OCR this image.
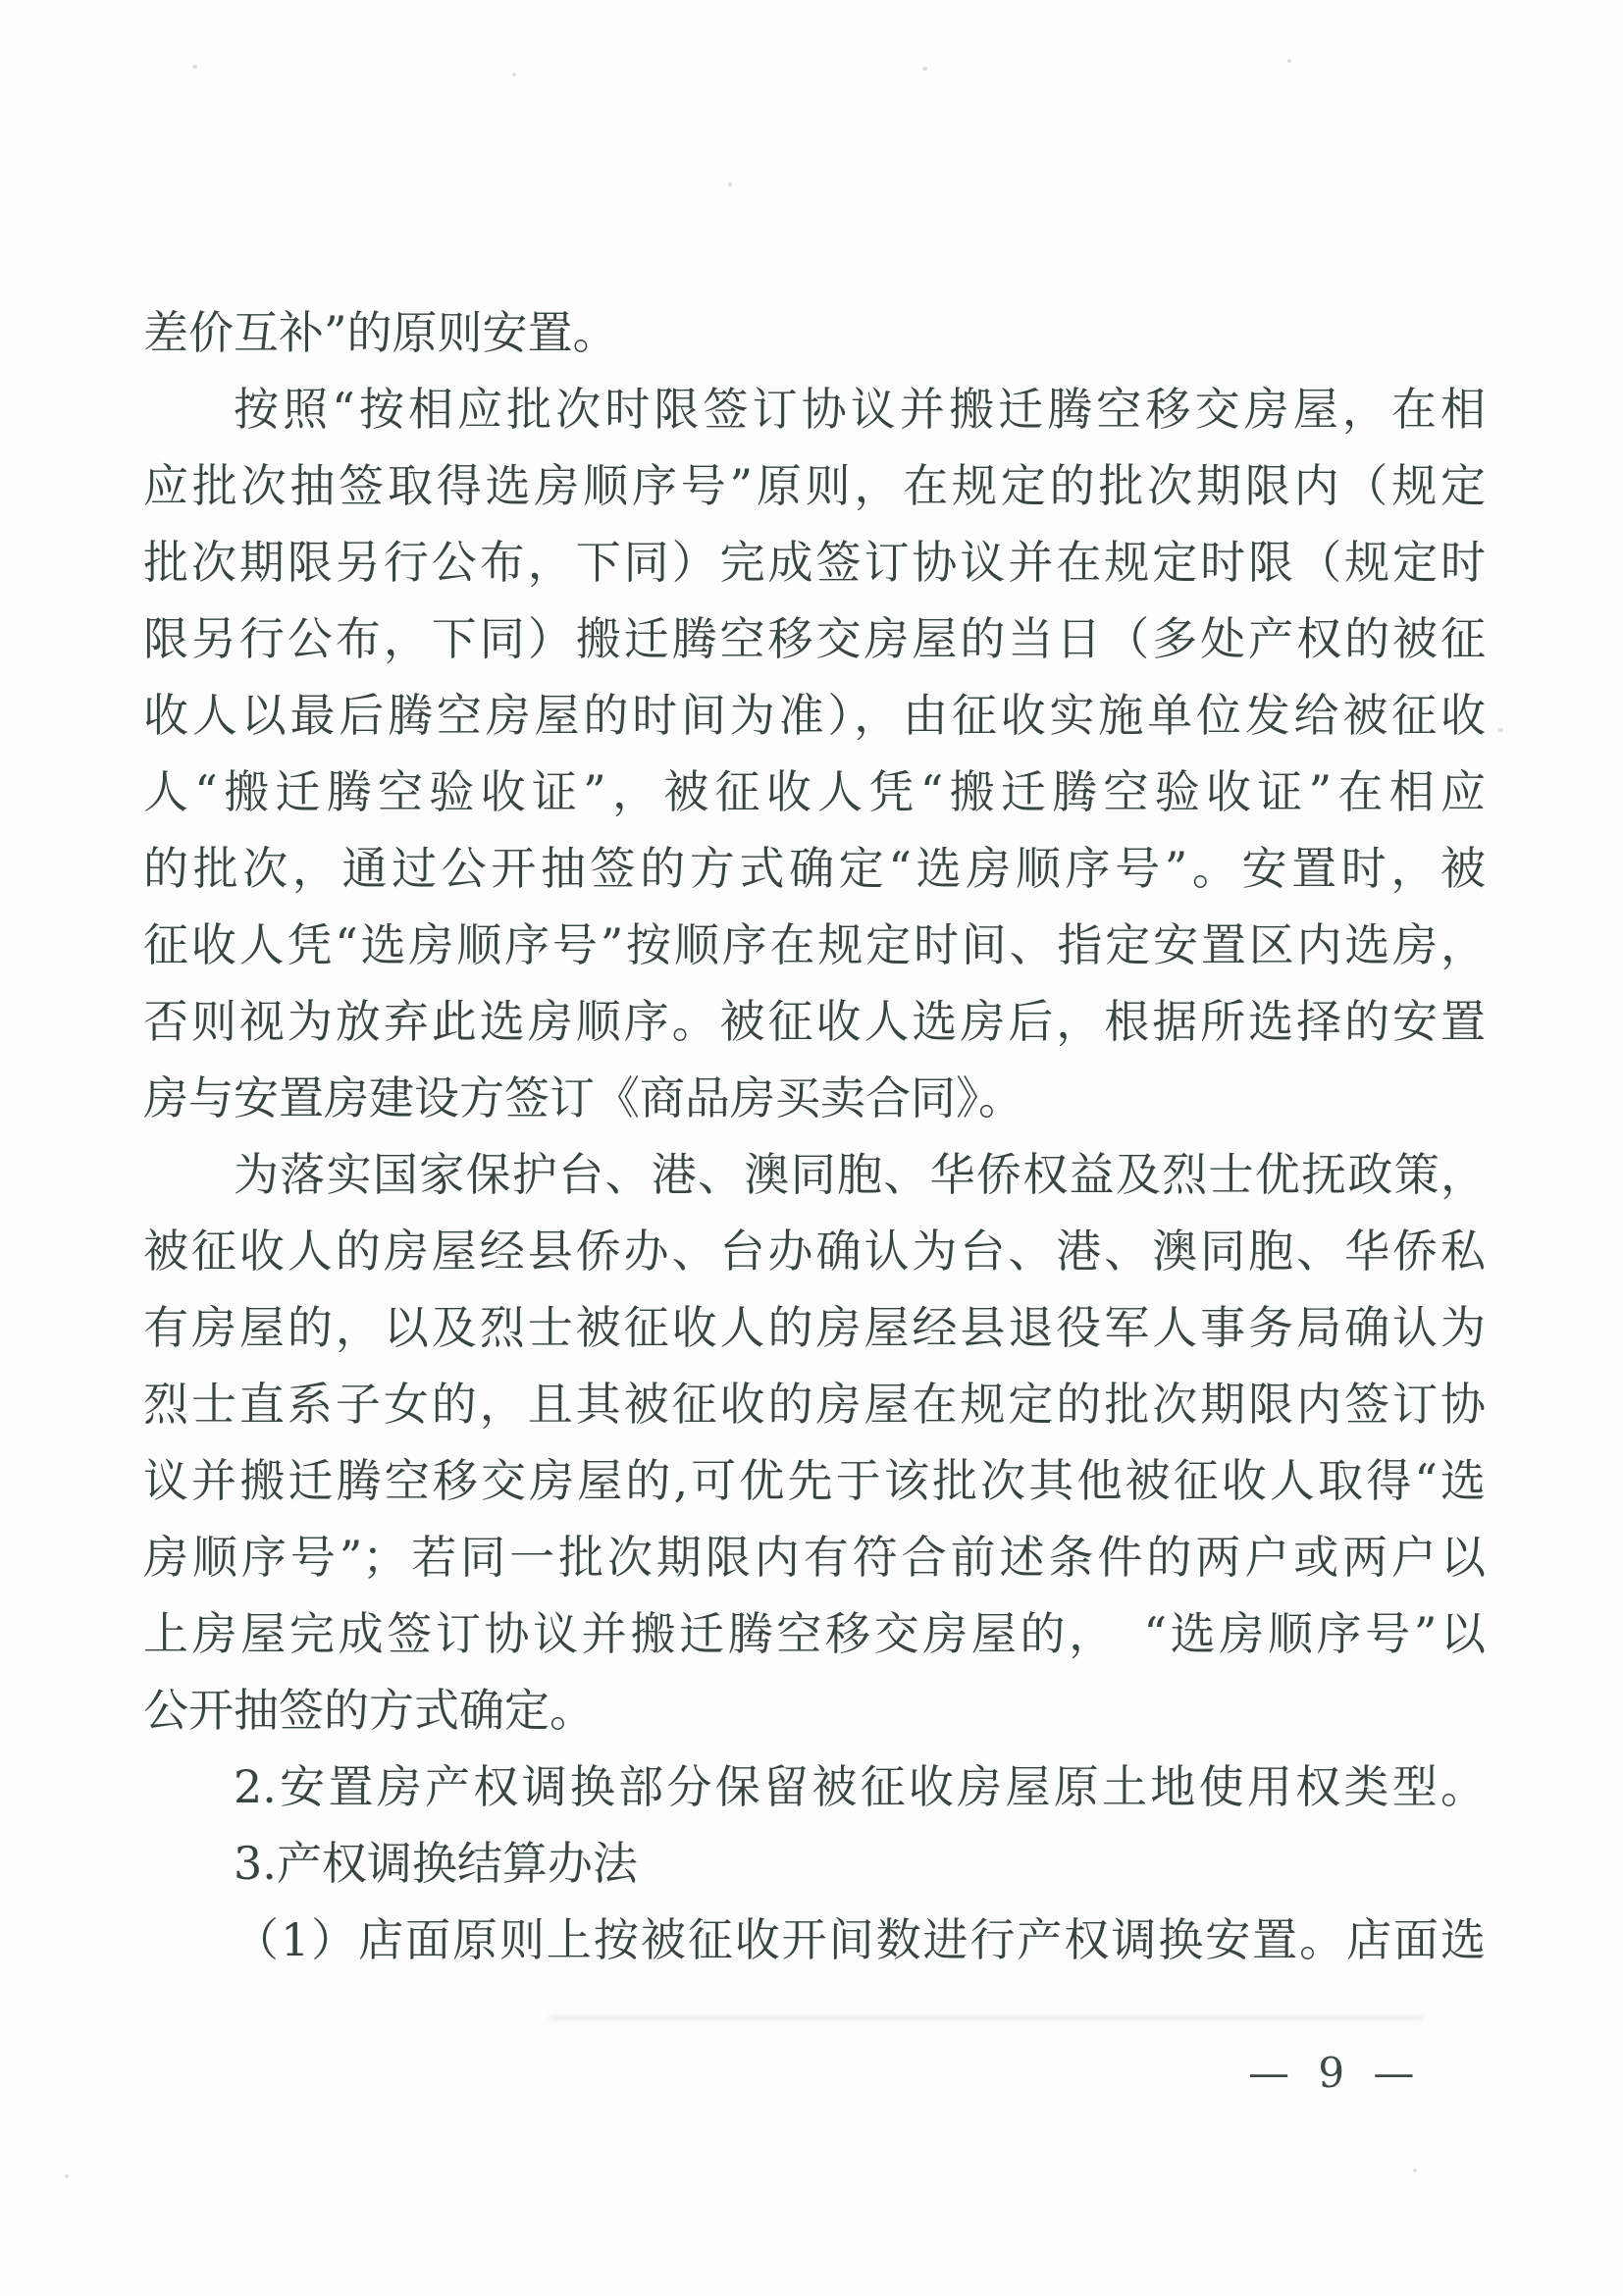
差价互补”的原则安置。
按照“按相应批次时限签订协议并搬迁腾空移交房屋，在相
应批次抽签取得选房顺序号”原则，在规定的批次期限内（规定
批次期限另行公布，下同）完成签订协议并在规定时限（规定时
限另行公布，下同）搬迁腾空移交房屋的当日（多处产权的被征
收人以最后腾空房屋的时间为准），由征收实施单位发给被征收
人“搬迁腾空验收证”，被征收人凭“搬迁腾空验收证”在相应
的批次，通过公开抽签的方式确定“选房顺序号”。安置时，被
征收人凭“选房顺序号”按顺序在规定时间、指定安置区内选房，
否则视为放弃此选房顺序。被征收人选房后，根据所选择的安置
房与安置房建设方签订《商品房买卖合同》。
为落实国家保护台、港、澳同胞、华侨权益及烈士优抚政策，
被征收人的房屋经县侨办、台办确认为台、港、澳同胞、华侨私
有房屋的，以及烈士被征收人的房屋经县退役军人事务局确认为
烈士直系子女的，且其被征收的房屋在规定的批次期限内签订协
议并搬迁腾空移交房屋的,可优先于该批次其他被征收人取得“选
房顺序号”；若同一批次期限内有符合前述条件的两户或两户以
上房屋完成签订协议并搬迁腾空移交房屋的，　“选房顺序号”以
公开抽签的方式确定。
2.安置房产权调换部分保留被征收房屋原土地使用权类型。
3.产权调换结算办法
（1）店面原则上按被征收开间数进行产权调换安置。店面选
— 9 —
